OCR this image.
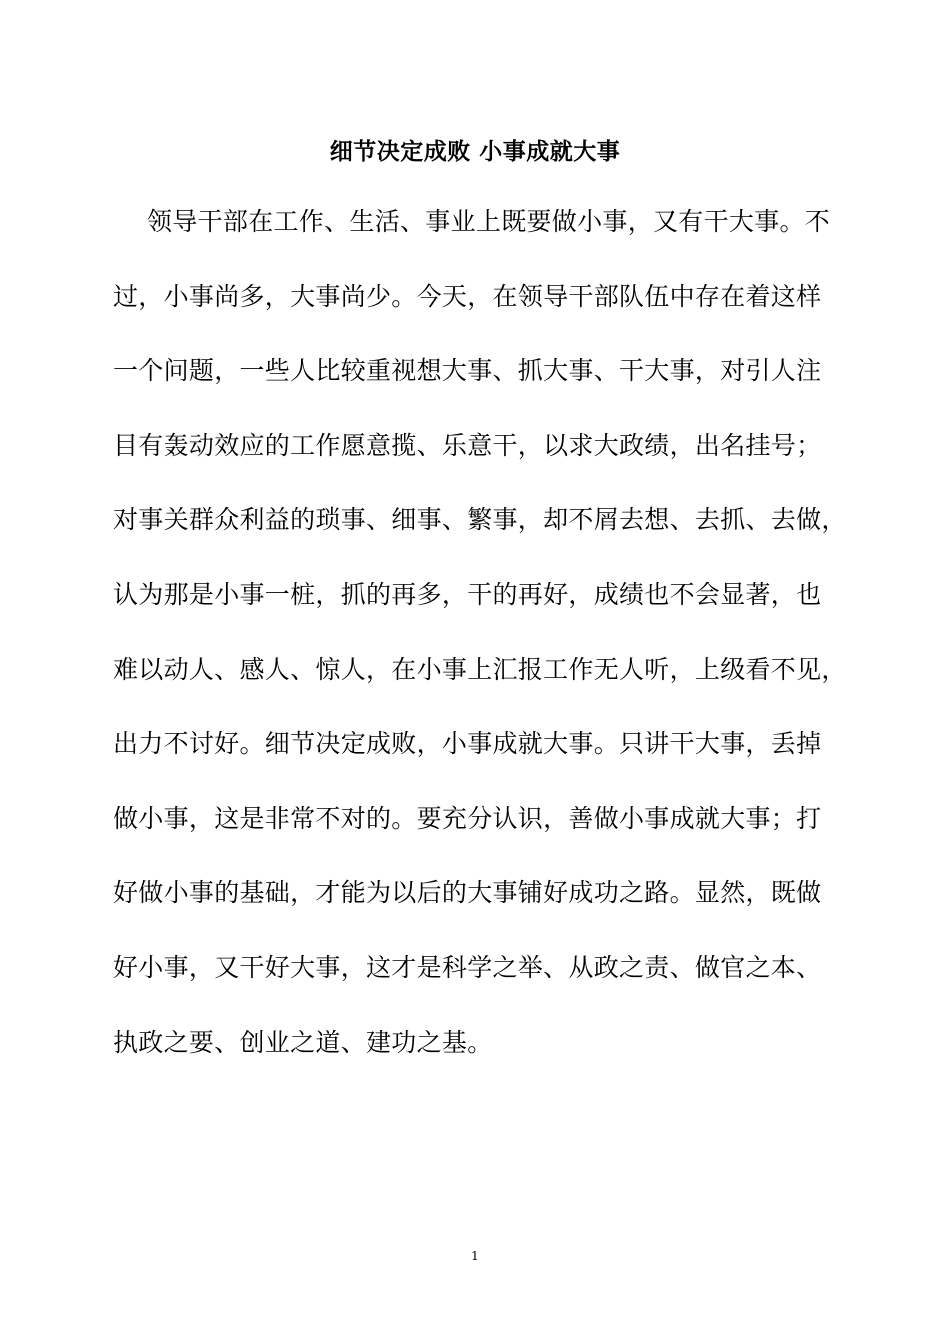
细节决定成败 小事成就大事
领导干部在工作、生活、事业上既要做小事，又有干大事。不
过，小事尚多，大事尚少。今天，在领导干部队伍中存在着这样
一个问题，一些人比较重视想大事、抓大事、干大事，对引人注
目有轰动效应的工作愿意揽、乐意干，以求大政绩，出名挂号；
对事关群众利益的琐事、细事、繁事，却不屑去想、去抓、去做，
认为那是小事一桩，抓的再多，干的再好，成绩也不会显著，也
难以动人、感人、惊人，在小事上汇报工作无人听，上级看不见，
出力不讨好。细节决定成败，小事成就大事。只讲干大事，丢掉
做小事，这是非常不对的。要充分认识，善做小事成就大事；打
好做小事的基础，才能为以后的大事铺好成功之路。显然，既做
好小事，又干好大事，这才是科学之举、从政之责、做官之本、
执政之要、创业之道、建功之基。
1
